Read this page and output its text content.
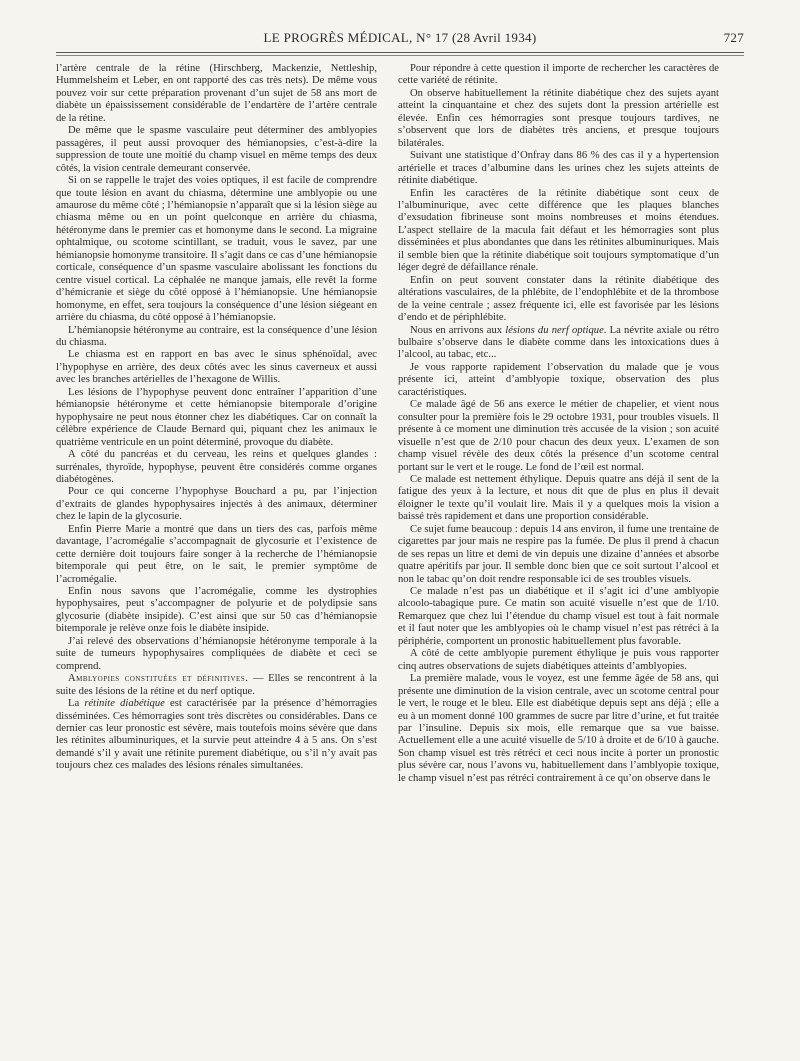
LE PROGRÈS MÉDICAL, N° 17 (28 Avril 1934)	727

l’artère centrale de la rétine (Hirschberg, Mackenzie, Nettleship, Hummelsheim et Leber, en ont rapporté des cas très nets). De même vous pouvez voir sur cette préparation provenant d’un sujet de 58 ans mort de diabète un épaississement considérable de l’endartère de l’artère centrale de la rétine.

De même que le spasme vasculaire peut déterminer des amblyopies passagères, il peut aussi provoquer des hémianopsies, c’est-à-dire la suppression de toute une moitié du champ visuel en même temps des deux côtés, la vision centrale demeurant conservée.

Si on se rappelle le trajet des voies optiques, il est facile de comprendre que toute lésion en avant du chiasma, détermine une amblyopie ou une amaurose du même côté ; l’hémianopsie n’apparaît que si la lésion siège au chiasma même ou en un point quelconque en arrière du chiasma, hétéronyme dans le premier cas et homonyme dans le second. La migraine ophtalmique, ou scotome scintillant, se traduit, vous le savez, par une hémianopsie homonyme transitoire. Il s’agit dans ce cas d’une hémianopsie corticale, conséquence d’un spasme vasculaire abolissant les fonctions du centre visuel cortical. La céphalée ne manque jamais, elle revêt la forme d’hémicranie et siège du côté opposé à l’hémianopsie. Une hémianopsie homonyme, en effet, sera toujours la conséquence d’une lésion siégeant en arrière du chiasma, du côté opposé à l’hémianopsie.

L’hémianopsie hétéronyme au contraire, est la conséquence d’une lésion du chiasma.

Le chiasma est en rapport en bas avec le sinus sphénoïdal, avec l’hypophyse en arrière, des deux côtés avec les sinus caverneux et aussi avec les branches artérielles de l’hexagone de Willis.

Les lésions de l’hypophyse peuvent donc entraîner l’apparition d’une hémianopsie hétéronyme et cette hémianopsie bitemporale d’origine hypophysaire ne peut nous étonner chez les diabétiques. Car on connaît la célèbre expérience de Claude Bernard qui, piquant chez les animaux le quatrième ventricule en un point déterminé, provoque du diabète.

A côté du pancréas et du cerveau, les reins et quelques glandes : surrénales, thyroïde, hypophyse, peuvent être considérés comme organes diabétogènes.

Pour ce qui concerne l’hypophyse Bouchard a pu, par l’injection d’extraits de glandes hypophysaires injectés à des animaux, déterminer chez le lapin de la glycosurie.

Enfin Pierre Marie a montré que dans un tiers des cas, parfois même davantage, l’acromégalie s’accompagnait de glycosurie et l’existence de cette dernière doit toujours faire songer à la recherche de l’hémianopsie bitemporale qui peut être, on le sait, le premier symptôme de l’acromégalie.

Enfin nous savons que l’acromégalie, comme les dystrophies hypophysaires, peut s’accompagner de polyurie et de polydipsie sans glycosurie (diabète insipide). C’est ainsi que sur 50 cas d’hémianopsie bitemporale je relève onze fois le diabète insipide.

J’ai relevé des observations d’hémianopsie hétéronyme temporale à la suite de tumeurs hypophysaires compliquées de diabète et ceci se comprend.

Amblyopies constituées et définitives. — Elles se rencontrent à la suite des lésions de la rétine et du nerf optique.

La rétinite diabétique est caractérisée par la présence d’hémorragies disséminées. Ces hémorragies sont très discrètes ou considérables. Dans ce dernier cas leur pronostic est sévère, mais toutefois moins sévère que dans les rétinites albuminuriques, et la survie peut atteindre 4 à 5 ans. On s’est demandé s’il y avait une rétinite purement diabétique, ou s’il n’y avait pas toujours chez ces malades des lésions rénales simultanées.

Pour répondre à cette question il importe de rechercher les caractères de cette variété de rétinite.

On observe habituellement la rétinite diabétique chez des sujets ayant atteint la cinquantaine et chez des sujets dont la pression artérielle est élevée. Enfin ces hémorragies sont presque toujours tardives, ne s’observent que lors de diabètes très anciens, et presque toujours bilatérales.

Suivant une statistique d’Onfray dans 86 % des cas il y a hypertension artérielle et traces d’albumine dans les urines chez les sujets atteints de rétinite diabétique.

Enfin les caractères de la rétinite diabétique sont ceux de l’albuminurique, avec cette différence que les plaques blanches d’exsudation fibrineuse sont moins nombreuses et moins étendues. L’aspect stellaire de la macula fait défaut et les hémorragies sont plus disséminées et plus abondantes que dans les rétinites albuminuriques. Mais il semble bien que la rétinite diabétique soit toujours symptomatique d’un léger degré de défaillance rénale.

Enfin on peut souvent constater dans la rétinite diabétique des altérations vasculaires, de la phlébite, de l’endophlébite et de la thrombose de la veine centrale ; assez fréquente ici, elle est favorisée par les lésions d’endo et de périphlébite.

Nous en arrivons aux lésions du nerf optique. La névrite axiale ou rétro bulbaire s’observe dans le diabète comme dans les intoxications dues à l’alcool, au tabac, etc...

Je vous rapporte rapidement l’observation du malade que je vous présente ici, atteint d’amblyopie toxique, observation des plus caractéristiques.

Ce malade âgé de 56 ans exerce le métier de chapelier, et vient nous consulter pour la première fois le 29 octobre 1931, pour troubles visuels. Il présente à ce moment une diminution très accusée de la vision ; son acuité visuelle n’est que de 2/10 pour chacun des deux yeux. L’examen de son champ visuel révèle des deux côtés la présence d’un scotome central portant sur le vert et le rouge. Le fond de l’œil est normal.

Ce malade est nettement éthylique. Depuis quatre ans déjà il sent de la fatigue des yeux à la lecture, et nous dit que de plus en plus il devait éloigner le texte qu’il voulait lire. Mais il y a quelques mois la vision a baissé très rapidement et dans une proportion considérable.

Ce sujet fume beaucoup : depuis 14 ans environ, il fume une trentaine de cigarettes par jour mais ne respire pas la fumée. De plus il prend à chacun de ses repas un litre et demi de vin depuis une dizaine d’années et absorbe quatre apéritifs par jour. Il semble donc bien que ce soit surtout l’alcool et non le tabac qu’on doit rendre responsable ici de ses troubles visuels.

Ce malade n’est pas un diabétique et il s’agit ici d’une amblyopie alcoolo-tabagique pure. Ce matin son acuité visuelle n’est que de 1/10. Remarquez que chez lui l’étendue du champ visuel est tout à fait normale et il faut noter que les amblyopies où le champ visuel n’est pas rétréci à la périphérie, comportent un pronostic habituellement plus favorable.

A côté de cette amblyopie purement éthylique je puis vous rapporter cinq autres observations de sujets diabétiques atteints d’amblyopies.

La première malade, vous le voyez, est une femme âgée de 58 ans, qui présente une diminution de la vision centrale, avec un scotome central pour le vert, le rouge et le bleu. Elle est diabétique depuis sept ans déjà ; elle a eu à un moment donné 100 grammes de sucre par litre d’urine, et fut traitée par l’insuline. Depuis six mois, elle remarque que sa vue baisse. Actuellement elle a une acuité visuelle de 5/10 à droite et de 6/10 à gauche. Son champ visuel est très rétréci et ceci nous incite à porter un pronostic plus sévère car, nous l’avons vu, habituellement dans l’amblyopie toxique, le champ visuel n’est pas rétréci contrairement à ce qu’on observe dans le
